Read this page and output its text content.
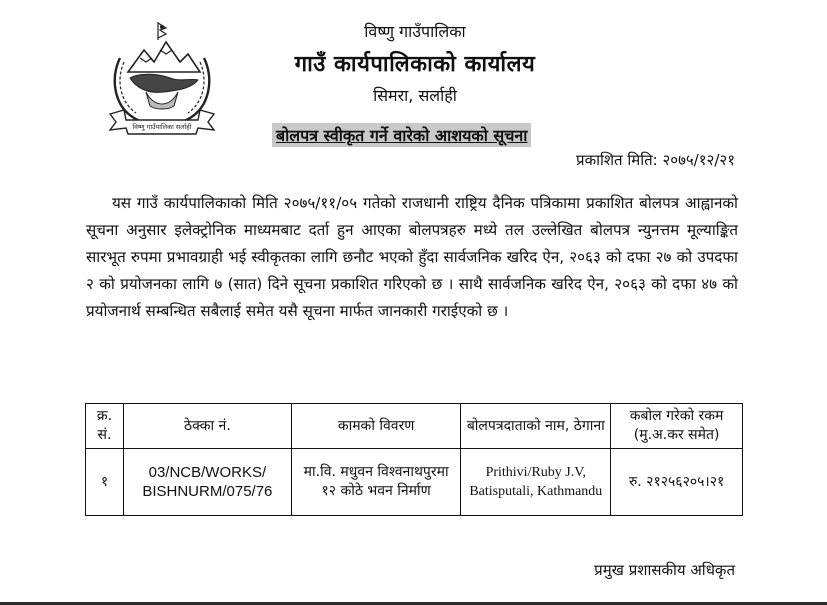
विष्णु गाउँपालिका सर्लाही
विष्णु गाउँपालिका
गाउँ कार्यपालिकाको कार्यालय
सिमरा, सर्लाही
बोलपत्र स्वीकृत गर्ने वारेको आशयको सूचना
प्रकाशित मिति: २०७५/१२/२१
यस गाउँ कार्यपालिकाको मिति २०७५/११/०५ गतेको राजधानी राष्ट्रिय दैनिक पत्रिकामा प्रकाशित बोलपत्र आह्वानको सूचना अनुसार इलेक्ट्रोनिक माध्यमबाट दर्ता हुन आएका बोलपत्रहरु मध्ये तल उल्लेखित बोलपत्र न्युनत्तम मूल्याङ्कित सारभूत रुपमा प्रभावग्राही भई स्वीकृतका लागि छनौट भएको हुँदा सार्वजनिक खरिद ऐन, २०६३ को दफा २७ को उपदफा २ को प्रयोजनका लागि ७ (सात) दिने सूचना प्रकाशित गरिएको छ । साथै सार्वजनिक खरिद ऐन, २०६३ को दफा ४७ को प्रयोजनार्थ सम्बन्धित सबैलाई समेत यसै सूचना मार्फत जानकारी गराईएको छ ।
क्र. सं.	ठेक्का नं.	कामको विवरण	बोलपत्रदाताको नाम, ठेगाना	कबोल गरेको रकम (मु.अ.कर समेत)
१	03/NCB/WORKS/ BISHNURM/075/76	मा.वि. मधुवन विश्वनाथपुरमा १२ कोठे भवन निर्माण	Prithivi/Ruby J.V,
Batisputali, Kathmandu	रु. २१२५६२०५।२१
प्रमुख प्रशासकीय अधिकृत
